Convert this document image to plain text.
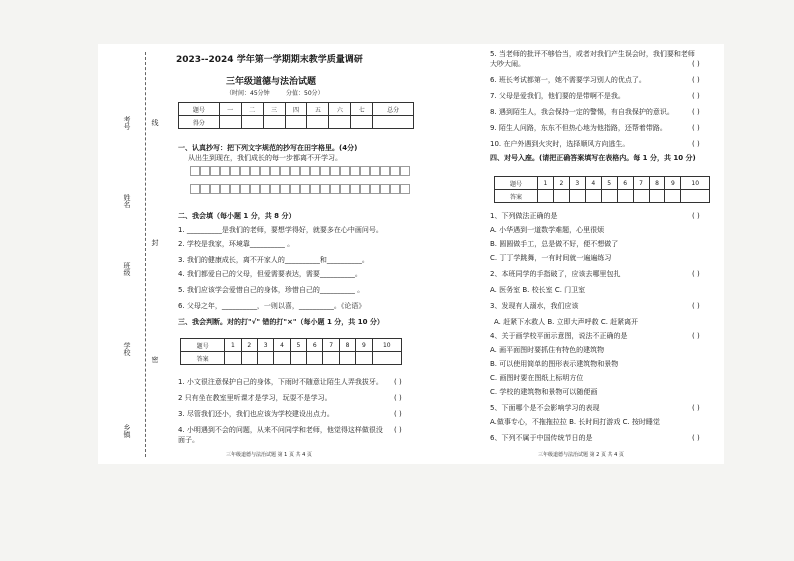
考号
姓名
班级
学校
乡镇
线
封
密
2023--2024 学年第一学期期末教学质量调研
三年级道德与法治试题
（时间：45分钟	分值：50分）
题号	一	二	三	四	五	六	七	总分
得分								
一、认真抄写：把下列文字规范的抄写在田字格里。(4分)
从出生到现在，我们成长的每一步都离不开学习。
二、我会填（每小题 1 分，共 8 分）
1. __________是我们的老师，要想学得好，就要多在心中画问号。
2. 学校是我家，环境靠__________ 。
3. 我们的健康成长，离不开家人的__________和__________。
4. 我们都爱自己的父母，但爱需要表达，需要__________。
5. 我们应该学会爱惜自己的身体，珍惜自己的__________ 。
6. 父母之年，__________，一则以喜，__________。《论语》
三、我会判断。对的打"√" 错的打"×"（每小题 1 分，共 10 分）
题号	1	2	3	4	5	6	7	8	9	10
答案										
1. 小文很注意保护自己的身体，下雨时不随意让陌生人弄我拔牙。 ( )
2 只有坐在教室里听课才是学习，玩耍不是学习。	( )
3. 尽管我们还小，我们也应该为学校建设出点力。	( )
4. 小明遇到不会的问题，从来不问同学和老师，他觉得这样做很没 ( )
面子。
三年级道德与法治试题 第 1 页 共 4 页
5. 当老师的批评不够恰当，或者对我们产生误会时，我们要和老师
大吵大闹。	( )
6. 班长考试都第一，她不需要学习别人的优点了。	( )
7. 父母是爱我们，他们要的是带啊不是我。	( )
8. 遇到陌生人，我会保持一定的警惕，有自我保护的意识。	( )
9. 陌生人问路，东东不但热心地为他指路，还帮着带路。	( )
10. 在户外遇到火灾时，选择顺风方向逃生。	( )
四、对号入座。(请把正确答案填写在表格内。每 1 分，共 10 分)
题号	1	2	3	4	5	6	7	8	9	10
答案										
1、下列做法正确的是	( )
A. 小华遇到一道数学难题，心里很烦
B. 圆圆做手工，总是做不好，便不想做了
C. 丁丁学跳舞，一有时间就一遍遍练习
2、本班同学的手指破了，应该去哪里包扎	( )
A. 医务室 B. 校长室 C. 门卫室
3、发现有人溺水，我们应该	( )
A. 赶紧下水救人 B. 立即大声呼救 C. 赶紧离开
4、关于画学校平面示意图，说法不正确的是	( )
A. 画平面图时要抓住有特色的建筑物
B. 可以使用简单的图形表示建筑物和景物
C. 画图时要在图纸上标明方位
C. 学校的建筑物和景物可以随便画
5、下面哪个是不会影响学习的表现	( )
A.做事专心，不拖拖拉拉 B. 长时间打游戏 C. 按时睡觉
6、下列不属于中国传统节日的是	( )
三年级道德与法治试题 第 2 页 共 4 页
